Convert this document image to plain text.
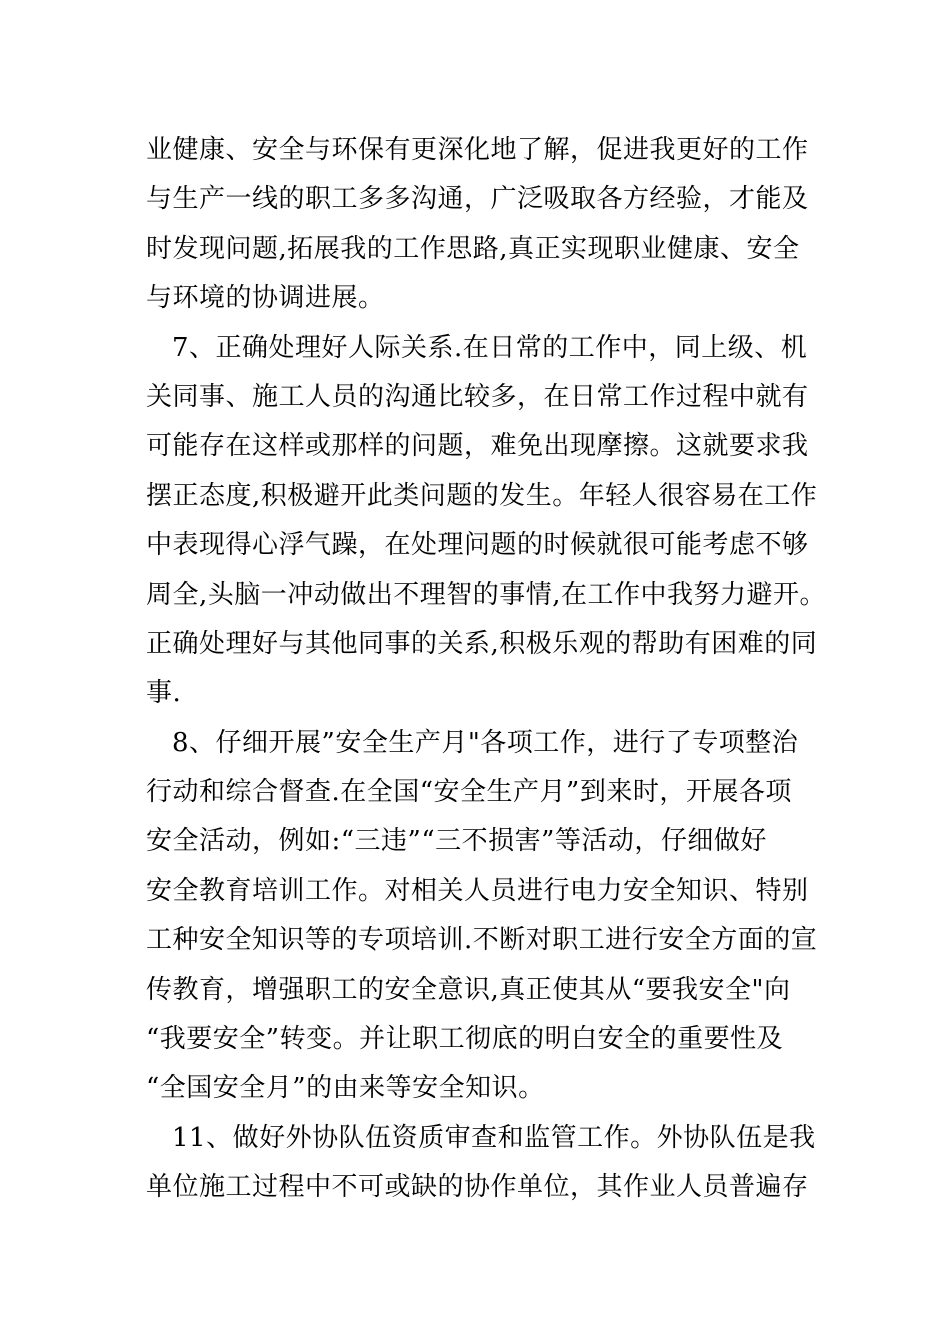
业健康、安全与环保有更深化地了解，促进我更好的工作
与生产一线的职工多多沟通，广泛吸取各方经验，才能及
时发现问题,拓展我的工作思路,真正实现职业健康、安全
与环境的协调进展。
7、正确处理好人际关系.在日常的工作中，同上级、机
关同事、施工人员的沟通比较多，在日常工作过程中就有
可能存在这样或那样的问题，难免出现摩擦。这就要求我
摆正态度,积极避开此类问题的发生。年轻人很容易在工作
中表现得心浮气躁，在处理问题的时候就很可能考虑不够
周全,头脑一冲动做出不理智的事情,在工作中我努力避开。
正确处理好与其他同事的关系,积极乐观的帮助有困难的同
事.
8、仔细开展”安全生产月"各项工作，进行了专项整治
行动和综合督查.在全国“安全生产月”到来时，开展各项
安全活动，例如:“三违”“三不损害”等活动，仔细做好
安全教育培训工作。对相关人员进行电力安全知识、特别
工种安全知识等的专项培训.不断对职工进行安全方面的宣
传教育，增强职工的安全意识,真正使其从“要我安全"向
“我要安全”转变。并让职工彻底的明白安全的重要性及
“全国安全月”的由来等安全知识。
11、做好外协队伍资质审查和监管工作。外协队伍是我
单位施工过程中不可或缺的协作单位，其作业人员普遍存
